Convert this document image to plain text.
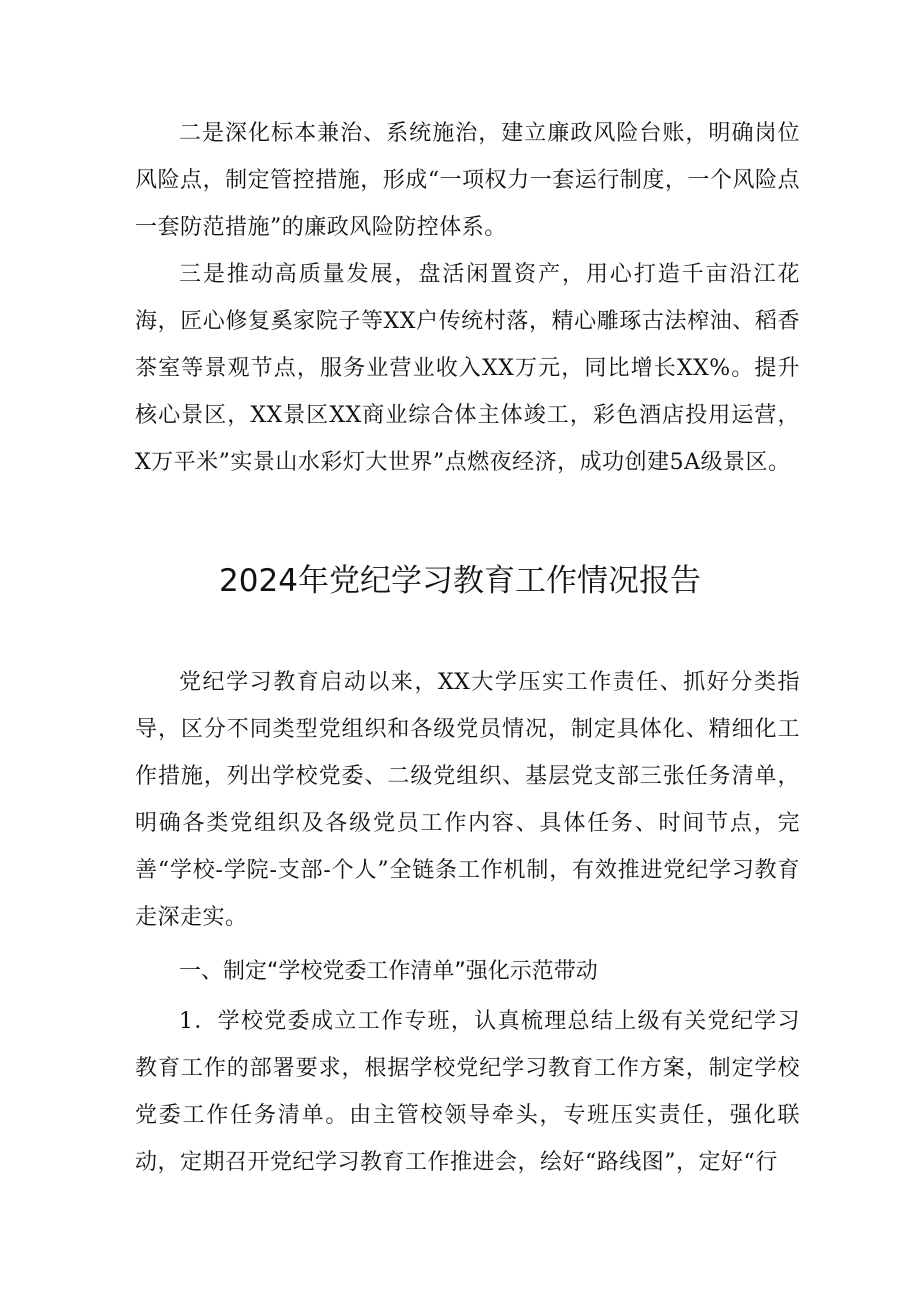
二是深化标本兼治、系统施治，建立廉政风险台账，明确岗位风险点，制定管控措施，形成“一项权力一套运行制度，一个风险点一套防范措施”的廉政风险防控体系。

三是推动高质量发展，盘活闲置资产，用心打造千亩沿江花海，匠心修复奚家院子等XX户传统村落，精心雕琢古法榨油、稻香茶室等景观节点，服务业营业收入XX万元，同比增长XX%。提升核心景区，XX景区XX商业综合体主体竣工，彩色酒店投用运营，X万平米”实景山水彩灯大世界”点燃夜经济，成功创建5A级景区。

2024年党纪学习教育工作情况报告

党纪学习教育启动以来，XX大学压实工作责任、抓好分类指导，区分不同类型党组织和各级党员情况，制定具体化、精细化工作措施，列出学校党委、二级党组织、基层党支部三张任务清单，明确各类党组织及各级党员工作内容、具体任务、时间节点，完善“学校-学院-支部-个人”全链条工作机制，有效推进党纪学习教育走深走实。

一、制定“学校党委工作清单”强化示范带动

1．学校党委成立工作专班，认真梳理总结上级有关党纪学习教育工作的部署要求，根据学校党纪学习教育工作方案，制定学校党委工作任务清单。由主管校领导牵头，专班压实责任，强化联动，定期召开党纪学习教育工作推进会，绘好“路线图”，定好“行
